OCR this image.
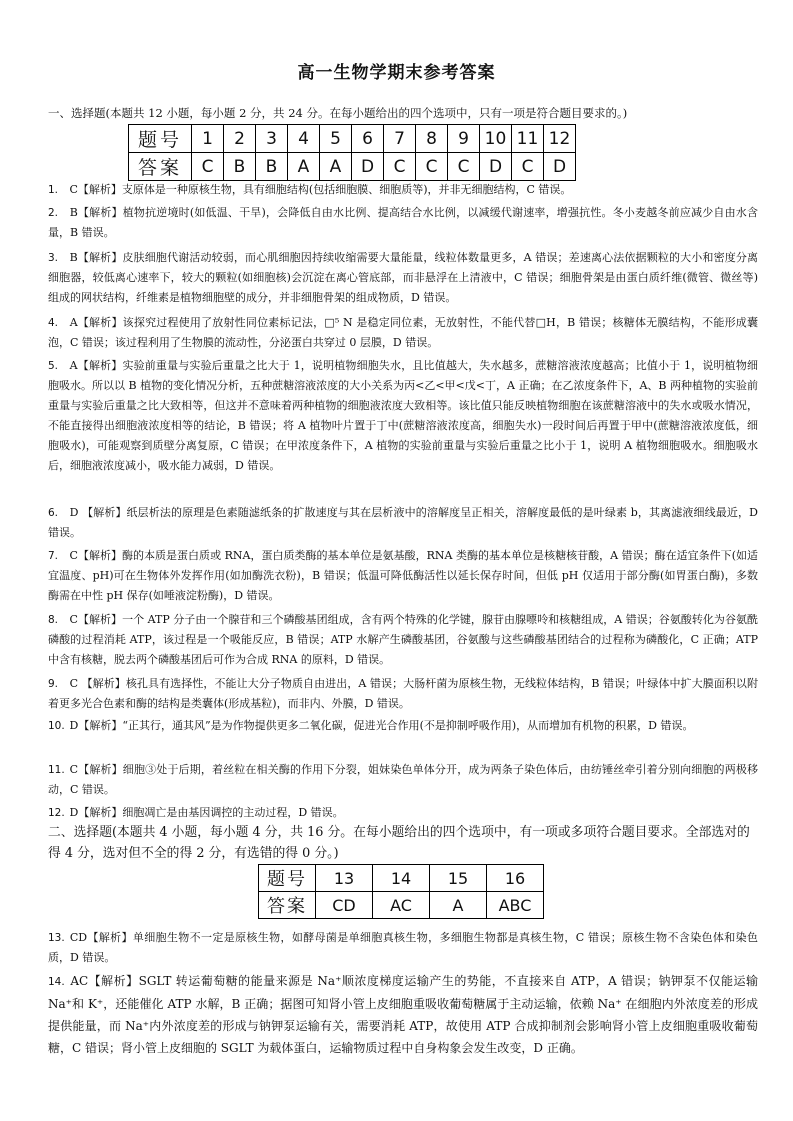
高一生物学期末参考答案
一、选择题(本题共 12 小题，每小题 2 分，共 24 分。在每小题给出的四个选项中，只有一项是符合题目要求的。)
题号	1	2	3	4	5	6	7	8	9	10	11	12
答案	C	B	B	A	A	D	C	C	C	D	C	D
1. C【解析】支原体是一种原核生物，具有细胞结构(包括细胞膜、细胞质等)，并非无细胞结构，C 错误。
2. B【解析】植物抗逆境时(如低温、干旱)，会降低自由水比例、提高结合水比例，以减缓代谢速率，增强抗性。冬小麦越冬前应减少自由水含量，B 错误。
3. B【解析】皮肤细胞代谢活动较弱，而心肌细胞因持续收缩需要大量能量，线粒体数量更多，A 错误；差速离心法依据颗粒的大小和密度分离细胞器，较低离心速率下，较大的颗粒(如细胞核)会沉淀在离心管底部，而非悬浮在上清液中，C 错误；细胞骨架是由蛋白质纤维(微管、微丝等)组成的网状结构，纤维素是植物细胞壁的成分，并非细胞骨架的组成物质，D 错误。
4. A【解析】该探究过程使用了放射性同位素标记法，□⁵ N 是稳定同位素，无放射性，不能代替□H，B 错误；核糖体无膜结构，不能形成囊泡，C 错误；该过程利用了生物膜的流动性，分泌蛋白共穿过 0 层膜，D 错误。
5. A【解析】实验前重量与实验后重量之比大于 1，说明植物细胞失水，且比值越大，失水越多，蔗糖溶液浓度越高；比值小于 1，说明植物细胞吸水。所以以 B 植物的变化情况分析，五种蔗糖溶液浓度的大小关系为丙<乙<甲<戊<丁，A 正确；在乙浓度条件下，A、B 两种植物的实验前重量与实验后重量之比大致相等，但这并不意味着两种植物的细胞液浓度大致相等。该比值只能反映植物细胞在该蔗糖溶液中的失水或吸水情况，不能直接得出细胞液浓度相等的结论，B 错误；将 A 植物叶片置于丁中(蔗糖溶液浓度高，细胞失水)一段时间后再置于甲中(蔗糖溶液浓度低，细胞吸水)，可能观察到质壁分离复原，C 错误；在甲浓度条件下，A 植物的实验前重量与实验后重量之比小于 1，说明 A 植物细胞吸水。细胞吸水后，细胞液浓度减小，吸水能力减弱，D 错误。
6. D 【解析】纸层析法的原理是色素随滤纸条的扩散速度与其在层析液中的溶解度呈正相关，溶解度最低的是叶绿素 b，其离滤液细线最近，D 错误。
7. C【解析】酶的本质是蛋白质或 RNA，蛋白质类酶的基本单位是氨基酸，RNA 类酶的基本单位是核糖核苷酸，A 错误；酶在适宜条件下(如适宜温度、pH)可在生物体外发挥作用(如加酶洗衣粉)，B 错误；低温可降低酶活性以延长保存时间，但低 pH 仅适用于部分酶(如胃蛋白酶)，多数酶需在中性 pH 保存(如唾液淀粉酶)，D 错误。
8. C【解析】一个 ATP 分子由一个腺苷和三个磷酸基团组成，含有两个特殊的化学键，腺苷由腺嘌呤和核糖组成，A 错误；谷氨酸转化为谷氨酰磷酸的过程消耗 ATP，该过程是一个吸能反应，B 错误；ATP 水解产生磷酸基团，谷氨酸与这些磷酸基团结合的过程称为磷酸化，C 正确；ATP 中含有核糖，脱去两个磷酸基团后可作为合成 RNA 的原料，D 错误。
9. C 【解析】核孔具有选择性，不能让大分子物质自由进出，A 错误；大肠杆菌为原核生物，无线粒体结构，B 错误；叶绿体中扩大膜面积以附着更多光合色素和酶的结构是类囊体(形成基粒)，而非内、外膜，D 错误。
10. D【解析】“正其行，通其风”是为作物提供更多二氧化碳，促进光合作用(不是抑制呼吸作用)，从而增加有机物的积累，D 错误。
11. C【解析】细胞③处于后期，着丝粒在相关酶的作用下分裂，姐妹染色单体分开，成为两条子染色体后，由纺锤丝牵引着分别向细胞的两极移动，C 错误。
12. D【解析】细胞凋亡是由基因调控的主动过程，D 错误。
二、选择题(本题共 4 小题，每小题 4 分，共 16 分。在每小题给出的四个选项中，有一项或多项符合题目要求。全部选对的得 4 分，选对但不全的得 2 分，有选错的得 0 分。)
题号	13	14	15	16
答案	CD	AC	A	ABC
13. CD【解析】单细胞生物不一定是原核生物，如酵母菌是单细胞真核生物，多细胞生物都是真核生物，C 错误；原核生物不含染色体和染色质，D 错误。
14. AC【解析】SGLT 转运葡萄糖的能量来源是 Na⁺顺浓度梯度运输产生的势能，不直接来自 ATP，A 错误；钠钾泵不仅能运输 Na⁺和 K⁺，还能催化 ATP 水解，B 正确；据图可知肾小管上皮细胞重吸收葡萄糖属于主动运输，依赖 Na⁺ 在细胞内外浓度差的形成提供能量，而 Na⁺内外浓度差的形成与钠钾泵运输有关，需要消耗 ATP，故使用 ATP 合成抑制剂会影响肾小管上皮细胞重吸收葡萄糖，C 错误；肾小管上皮细胞的 SGLT 为载体蛋白，运输物质过程中自身构象会发生改变，D 正确。
